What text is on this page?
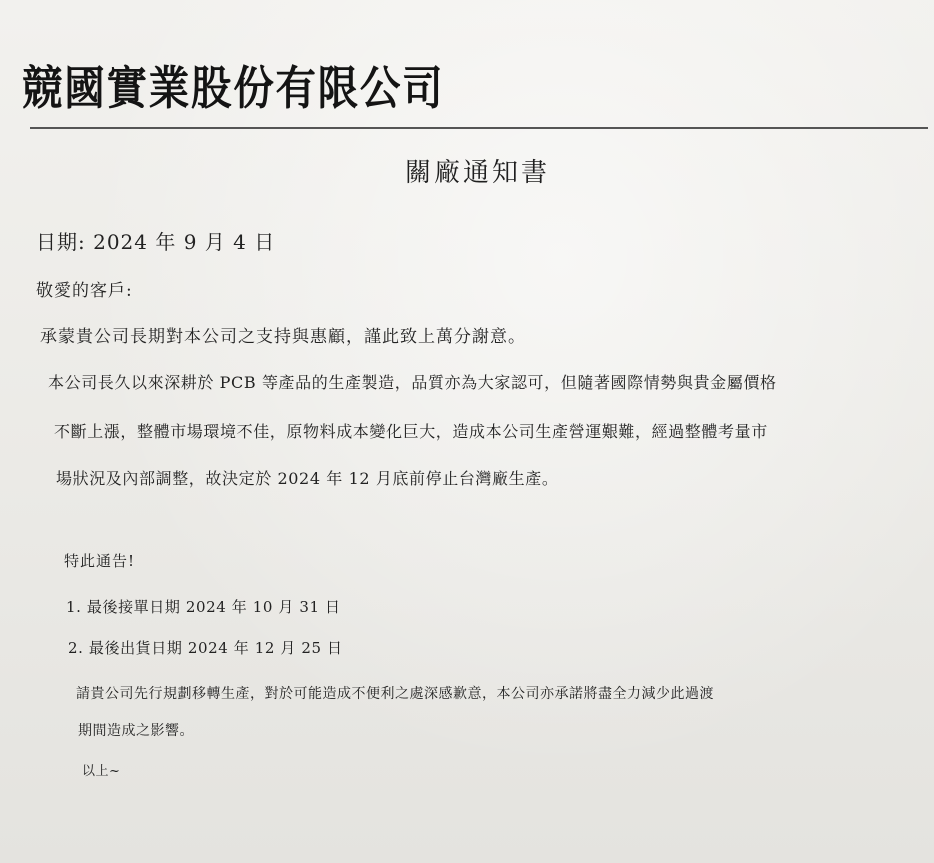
競國實業股份有限公司
關廠通知書
日期: 2024 年 9 月 4 日
敬愛的客戶:
承蒙貴公司長期對本公司之支持與惠顧，謹此致上萬分謝意。
本公司長久以來深耕於 PCB 等產品的生產製造，品質亦為大家認可，但隨著國際情勢與貴金屬價格
不斷上漲，整體市場環境不佳，原物料成本變化巨大，造成本公司生產營運艱難，經過整體考量市
場狀況及內部調整，故決定於 2024 年 12 月底前停止台灣廠生產。
特此通告!
1. 最後接單日期 2024 年 10 月 31 日
2. 最後出貨日期 2024 年 12 月 25 日
請貴公司先行規劃移轉生產，對於可能造成不便利之處深感歉意，本公司亦承諾將盡全力減少此過渡
期間造成之影響。
以上~
